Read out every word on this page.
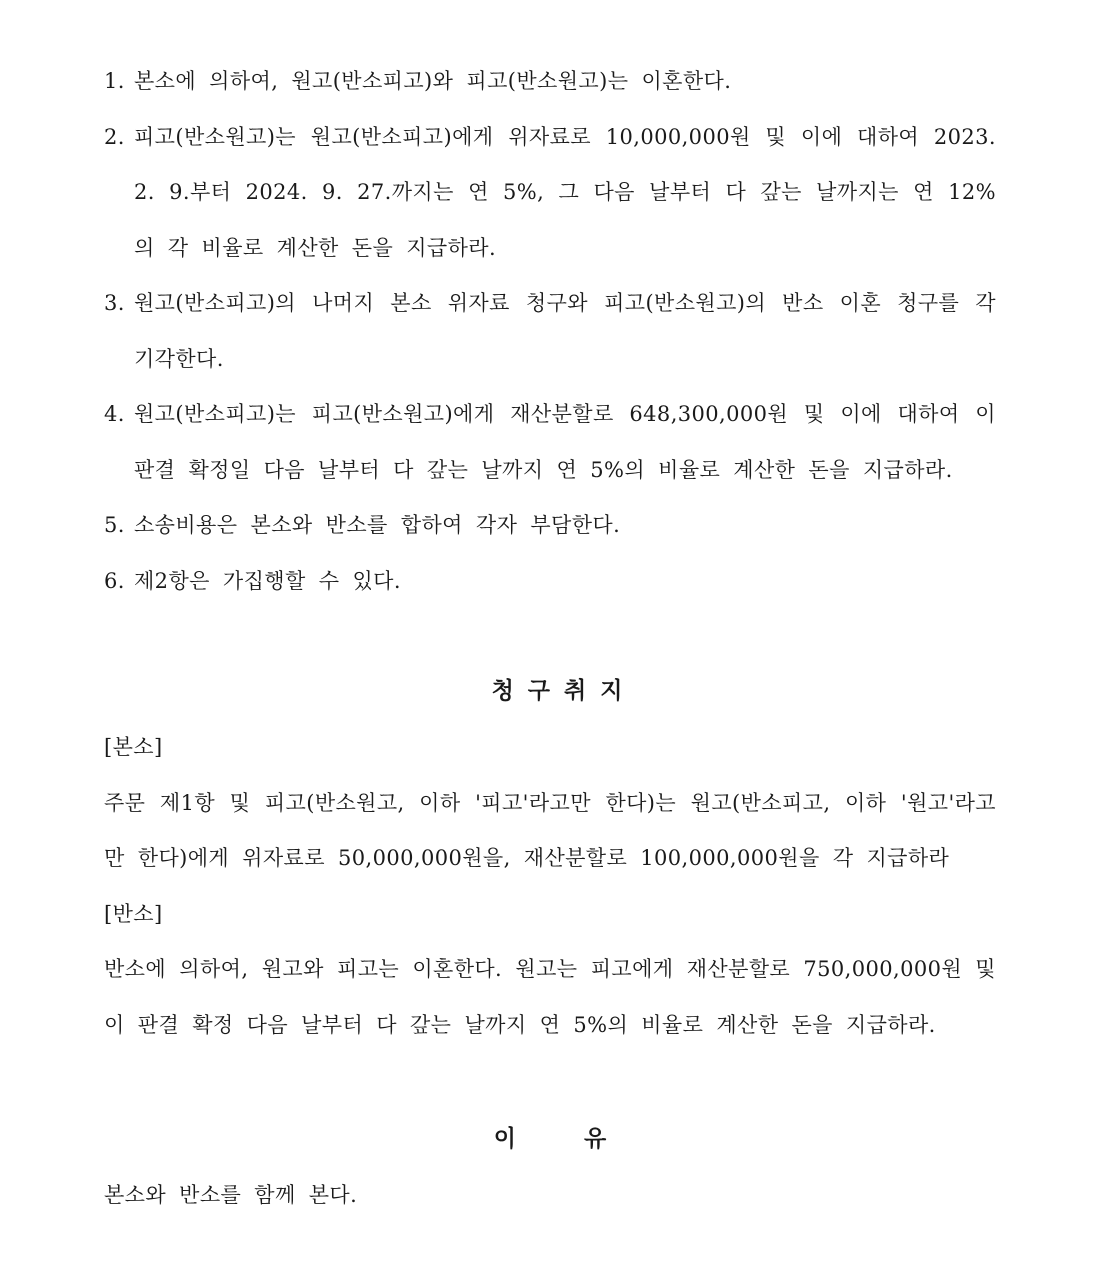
1. 본소에 의하여, 원고(반소피고)와 피고(반소원고)는 이혼한다.
2. 피고(반소원고)는 원고(반소피고)에게 위자료로 10,000,000원 및 이에 대하여 2023. 2. 9.부터 2024. 9. 27.까지는 연 5%, 그 다음 날부터 다 갚는 날까지는 연 12%의 각 비율로 계산한 돈을 지급하라.
3. 원고(반소피고)의 나머지 본소 위자료 청구와 피고(반소원고)의 반소 이혼 청구를 각 기각한다.
4. 원고(반소피고)는 피고(반소원고)에게 재산분할로 648,300,000원 및 이에 대하여 이 판결 확정일 다음 날부터 다 갚는 날까지 연 5%의 비율로 계산한 돈을 지급하라.
5. 소송비용은 본소와 반소를 합하여 각자 부담한다.
6. 제2항은 가집행할 수 있다.
청구취지

[본소]

주문 제1항 및 피고(반소원고, 이하 '피고'라고만 한다)는 원고(반소피고, 이하 '원고'라고만 한다)에게 위자료로 50,000,000원을, 재산분할로 100,000,000원을 각 지급하라

[반소]

반소에 의하여, 원고와 피고는 이혼한다. 원고는 피고에게 재산분할로 750,000,000원 및 이 판결 확정 다음 날부터 다 갚는 날까지 연 5%의 비율로 계산한 돈을 지급하라.

이 유

본소와 반소를 함께 본다.
